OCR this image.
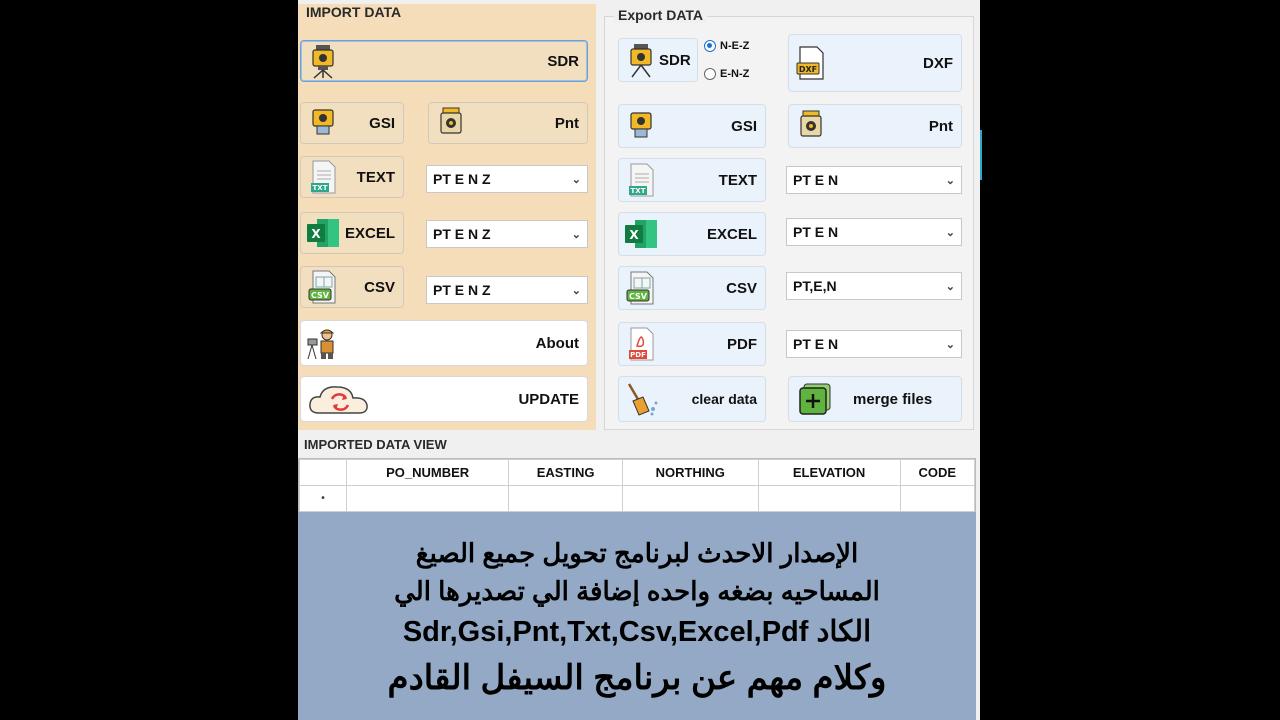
IMPORT DATA
SDR
GSI	Pnt
TXT
TEXT	PT E N Z	⌄
X EXCEL	PT E N Z	⌄
CSV CSV	PT E N Z	⌄
About
UPDATE
Export DATA
SDR
N-E-Z
E-N-Z	DXF	DXF
GSI	Pnt
TXT
TEXT	PT E N	⌄
X	EXCEL	PT E N	⌄
CSV	CSV	PT,E,N	⌄
PDF
PDF	PT E N	⌄
clear data	merge files
IMPORTED DATA VIEW
	PO_NUMBER	EASTING	NORTHING	ELEVATION	CODE
•					
الإصدار الاحدث لبرنامج تحويل جميع الصيغ
المساحيه بضغه واحده إضافة الي تصديرها الي
الكاد Sdr,Gsi,Pnt,Txt,Csv,Excel,Pdf
وكلام مهم عن برنامج السيفل القادم
